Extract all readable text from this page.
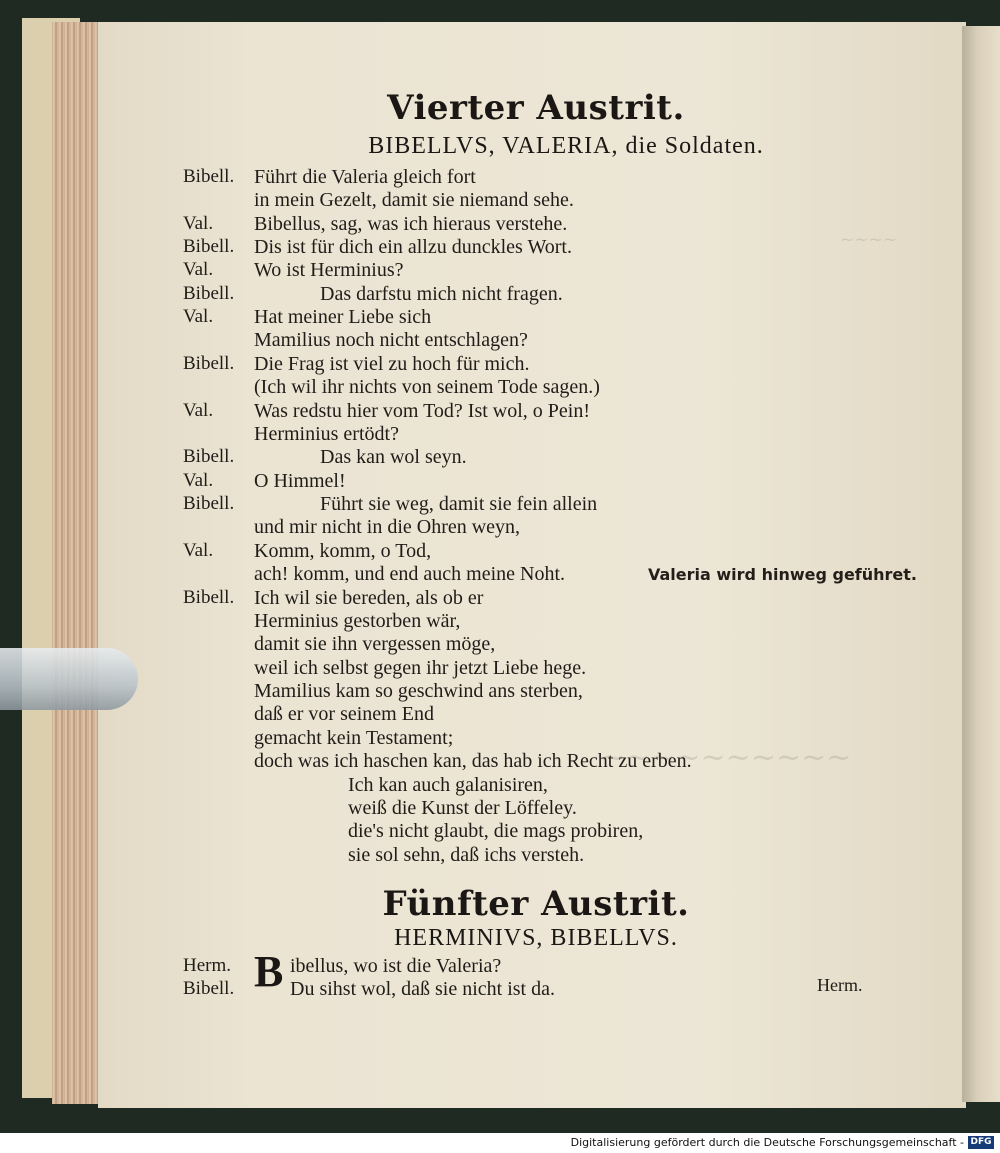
~~~~
~~~~~~~~~~
Vierter Austrit.
BIBELLVS, VALERIA, die Soldaten.
Bibell. Führt die Valeria gleich fort
in mein Gezelt, damit sie niemand sehe.
Val. Bibellus, sag, was ich hieraus verstehe.
Bibell. Dis ist für dich ein allzu dunckles Wort.
Val. Wo ist Herminius?
Bibell.	Das darfstu mich nicht fragen.
Val. Hat meiner Liebe sich
Mamilius noch nicht entschlagen?
Bibell. Die Frag ist viel zu hoch für mich.
(Ich wil ihr nichts von seinem Tode sagen.)
Val. Was redstu hier vom Tod? Ist wol, o Pein!
Herminius ertödt?
Bibell.	Das kan wol seyn.
Val. O Himmel!
Bibell.	Führt sie weg, damit sie fein allein
und mir nicht in die Ohren weyn,
Val. Komm, komm, o Tod,
ach! komm, und end auch meine Noht.	Valeria wird hinweg geführet.
Bibell. Ich wil sie bereden, als ob er
Herminius gestorben wär,
damit sie ihn vergessen möge,
weil ich selbst gegen ihr jetzt Liebe hege.
Mamilius kam so geschwind ans sterben,
daß er vor seinem End
gemacht kein Testament;
doch was ich haschen kan, das hab ich Recht zu erben.
Ich kan auch galanisiren,
weiß die Kunst der Löffeley.
die's nicht glaubt, die mags probiren,
sie sol sehn, daß ichs versteh.
Fünfter Austrit.
HERMINIVS, BIBELLVS.
B
Herm.	ibellus, wo ist die Valeria?
Bibell.	Du sihst wol, daß sie nicht ist da.	Herm.
Digitalisierung gefördert durch die Deutsche Forschungsgemeinschaft - DFG
